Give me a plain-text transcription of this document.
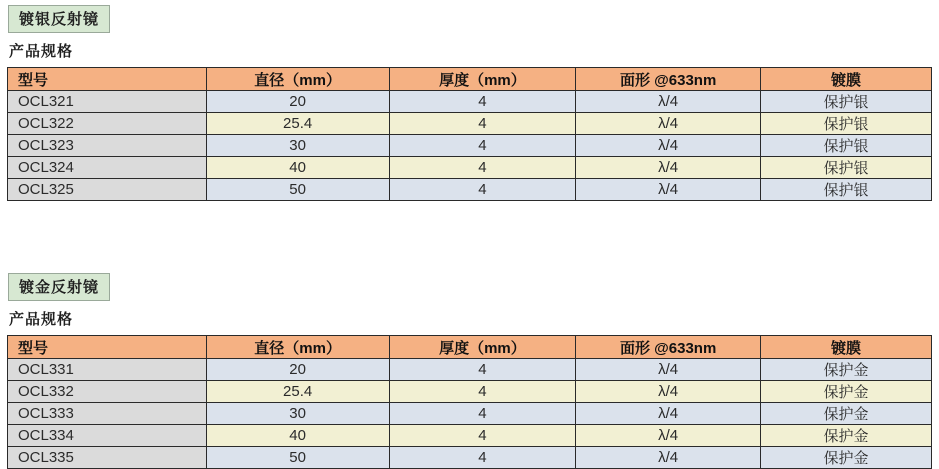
镀银反射镜
产品规格
型号	直径（mm）	厚度（mm）	面形 @633nm	镀膜
OCL321	20	4	λ/4	保护银
OCL322	25.4	4	λ/4	保护银
OCL323	30	4	λ/4	保护银
OCL324	40	4	λ/4	保护银
OCL325	50	4	λ/4	保护银
镀金反射镜
产品规格
型号	直径（mm）	厚度（mm）	面形 @633nm	镀膜
OCL331	20	4	λ/4	保护金
OCL332	25.4	4	λ/4	保护金
OCL333	30	4	λ/4	保护金
OCL334	40	4	λ/4	保护金
OCL335	50	4	λ/4	保护金
